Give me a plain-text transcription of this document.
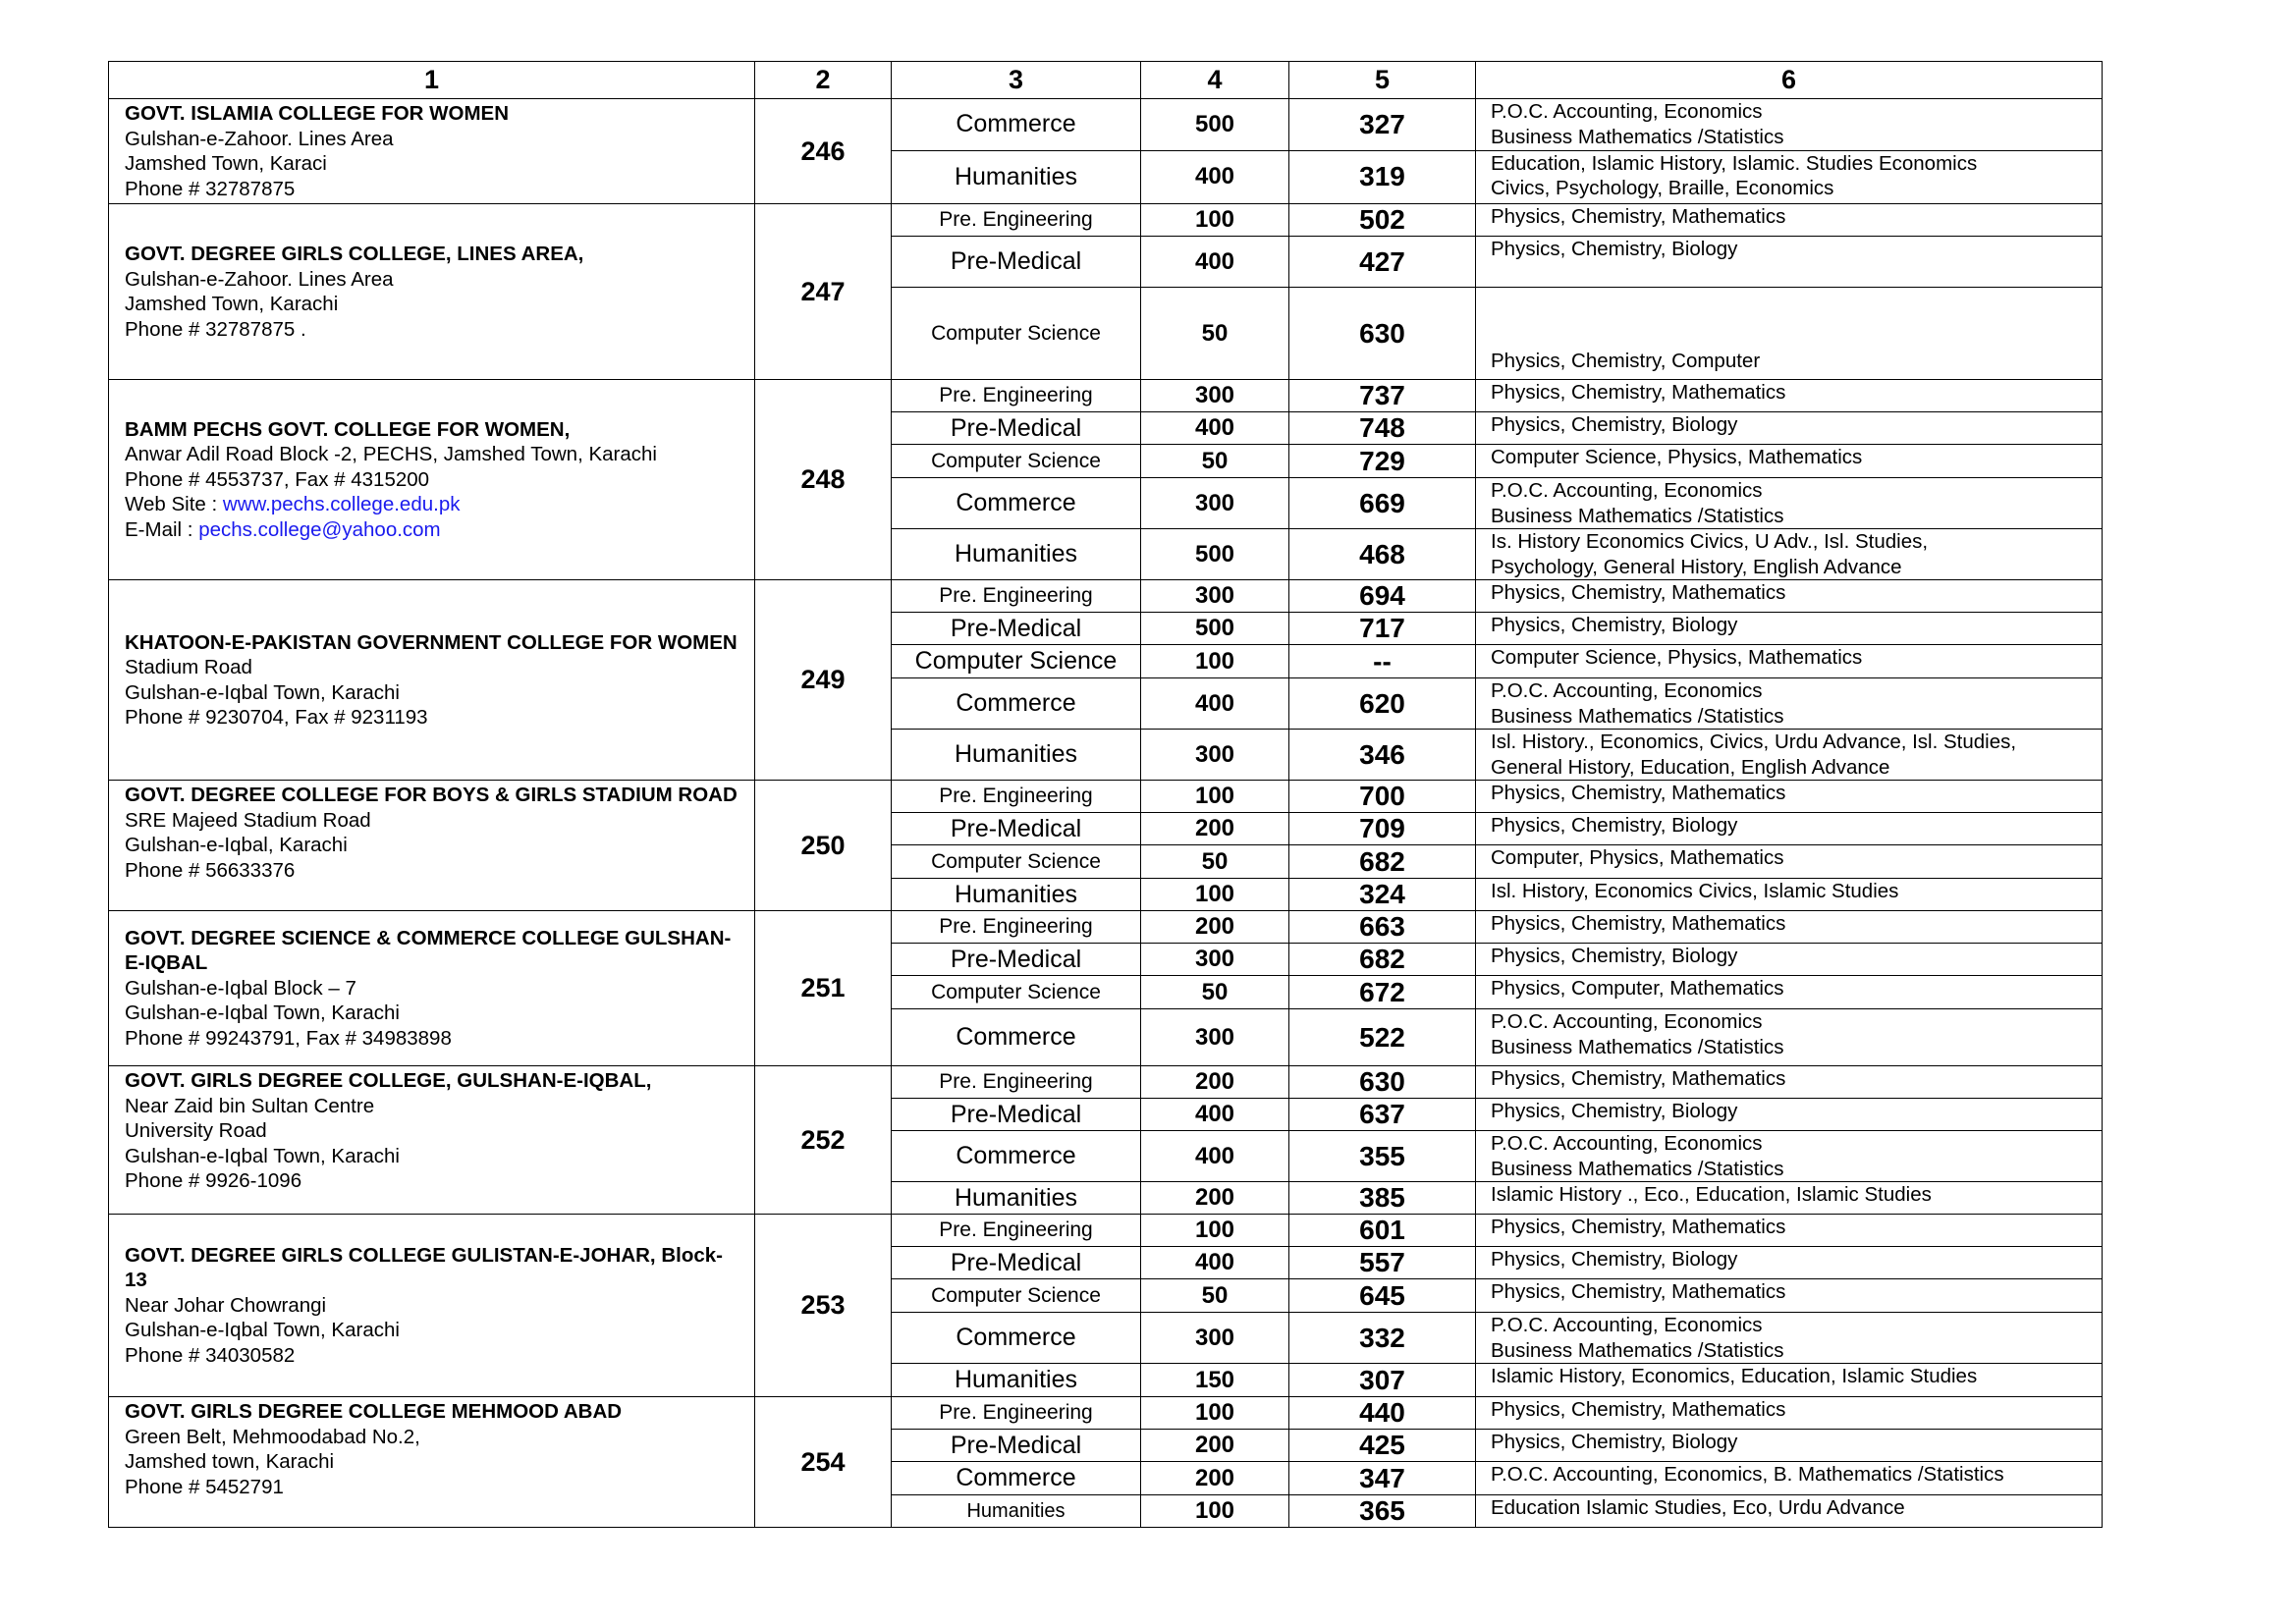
1	2	3	4	5	6

GOVT. ISLAMIA COLLEGE FOR WOMEN
Gulshan-e-Zahoor. Lines Area
Jamshed Town, Karaci
Phone # 32787875	246	Commerce	500	327	P.O.C. Accounting, Economics
Business Mathematics /Statistics

		Humanities	400	319	Education, Islamic History, Islamic. Studies Economics
Civics, Psychology, Braille, Economics

GOVT. DEGREE GIRLS COLLEGE, LINES AREA,
Gulshan-e-Zahoor. Lines Area
Jamshed Town, Karachi
Phone # 32787875 .	247	Pre. Engineering	100	502	Physics, Chemistry, Mathematics

		Pre-Medical	400	427	Physics, Chemistry, Biology

		Computer Science	50	630	Physics, Chemistry, Computer

BAMM PECHS GOVT. COLLEGE FOR WOMEN,
Anwar Adil Road Block -2, PECHS, Jamshed Town, Karachi
Phone # 4553737, Fax # 4315200
Web Site : www.pechs.college.edu.pk
E-Mail : pechs.college@yahoo.com	248	Pre. Engineering	300	737	Physics, Chemistry, Mathematics

		Pre-Medical	400	748	Physics, Chemistry, Biology

		Computer Science	50	729	Computer Science, Physics, Mathematics

		Commerce	300	669	P.O.C. Accounting, Economics
Business Mathematics /Statistics

		Humanities	500	468	Is. History Economics Civics, U Adv., Isl. Studies,
Psychology, General History, English Advance

KHATOON-E-PAKISTAN GOVERNMENT COLLEGE FOR WOMEN
Stadium Road
Gulshan-e-Iqbal Town, Karachi
Phone # 9230704, Fax # 9231193	249	Pre. Engineering	300	694	Physics, Chemistry, Mathematics

		Pre-Medical	500	717	Physics, Chemistry, Biology

		Computer Science	100	--	Computer Science, Physics, Mathematics

		Commerce	400	620	P.O.C. Accounting, Economics
Business Mathematics /Statistics

		Humanities	300	346	Isl. History., Economics, Civics, Urdu Advance, Isl. Studies,
General History, Education, English Advance

GOVT. DEGREE COLLEGE FOR BOYS & GIRLS STADIUM ROAD
SRE Majeed Stadium Road
Gulshan-e-Iqbal, Karachi
Phone # 56633376	250	Pre. Engineering	100	700	Physics, Chemistry, Mathematics

		Pre-Medical	200	709	Physics, Chemistry, Biology

		Computer Science	50	682	Computer, Physics, Mathematics

		Humanities	100	324	Isl. History, Economics Civics, Islamic Studies

GOVT. DEGREE SCIENCE & COMMERCE COLLEGE GULSHAN-E-IQBAL
Gulshan-e-Iqbal Block – 7
Gulshan-e-Iqbal Town, Karachi
Phone # 99243791, Fax # 34983898	251	Pre. Engineering	200	663	Physics, Chemistry, Mathematics

		Pre-Medical	300	682	Physics, Chemistry, Biology

		Computer Science	50	672	Physics, Computer, Mathematics

		Commerce	300	522	P.O.C. Accounting, Economics
Business Mathematics /Statistics

GOVT. GIRLS DEGREE COLLEGE, GULSHAN-E-IQBAL,
Near Zaid bin Sultan Centre
University Road
Gulshan-e-Iqbal Town, Karachi
Phone # 9926-1096	252	Pre. Engineering	200	630	Physics, Chemistry, Mathematics

		Pre-Medical	400	637	Physics, Chemistry, Biology

		Commerce	400	355	P.O.C. Accounting, Economics
Business Mathematics /Statistics

		Humanities	200	385	Islamic History ., Eco., Education, Islamic Studies

GOVT. DEGREE GIRLS COLLEGE GULISTAN-E-JOHAR, Block-13
Near Johar Chowrangi
Gulshan-e-Iqbal Town, Karachi
Phone # 34030582	253	Pre. Engineering	100	601	Physics, Chemistry, Mathematics

		Pre-Medical	400	557	Physics, Chemistry, Biology

		Computer Science	50	645	Physics, Chemistry, Mathematics

		Commerce	300	332	P.O.C. Accounting, Economics
Business Mathematics /Statistics

		Humanities	150	307	Islamic History, Economics, Education, Islamic Studies

GOVT. GIRLS DEGREE COLLEGE MEHMOOD ABAD
Green Belt, Mehmoodabad No.2,
Jamshed town, Karachi
Phone # 5452791	254	Pre. Engineering	100	440	Physics, Chemistry, Mathematics

		Pre-Medical	200	425	Physics, Chemistry, Biology

		Commerce	200	347	P.O.C. Accounting, Economics, B. Mathematics /Statistics

		Humanities	100	365	Education Islamic Studies, Eco, Urdu Advance
